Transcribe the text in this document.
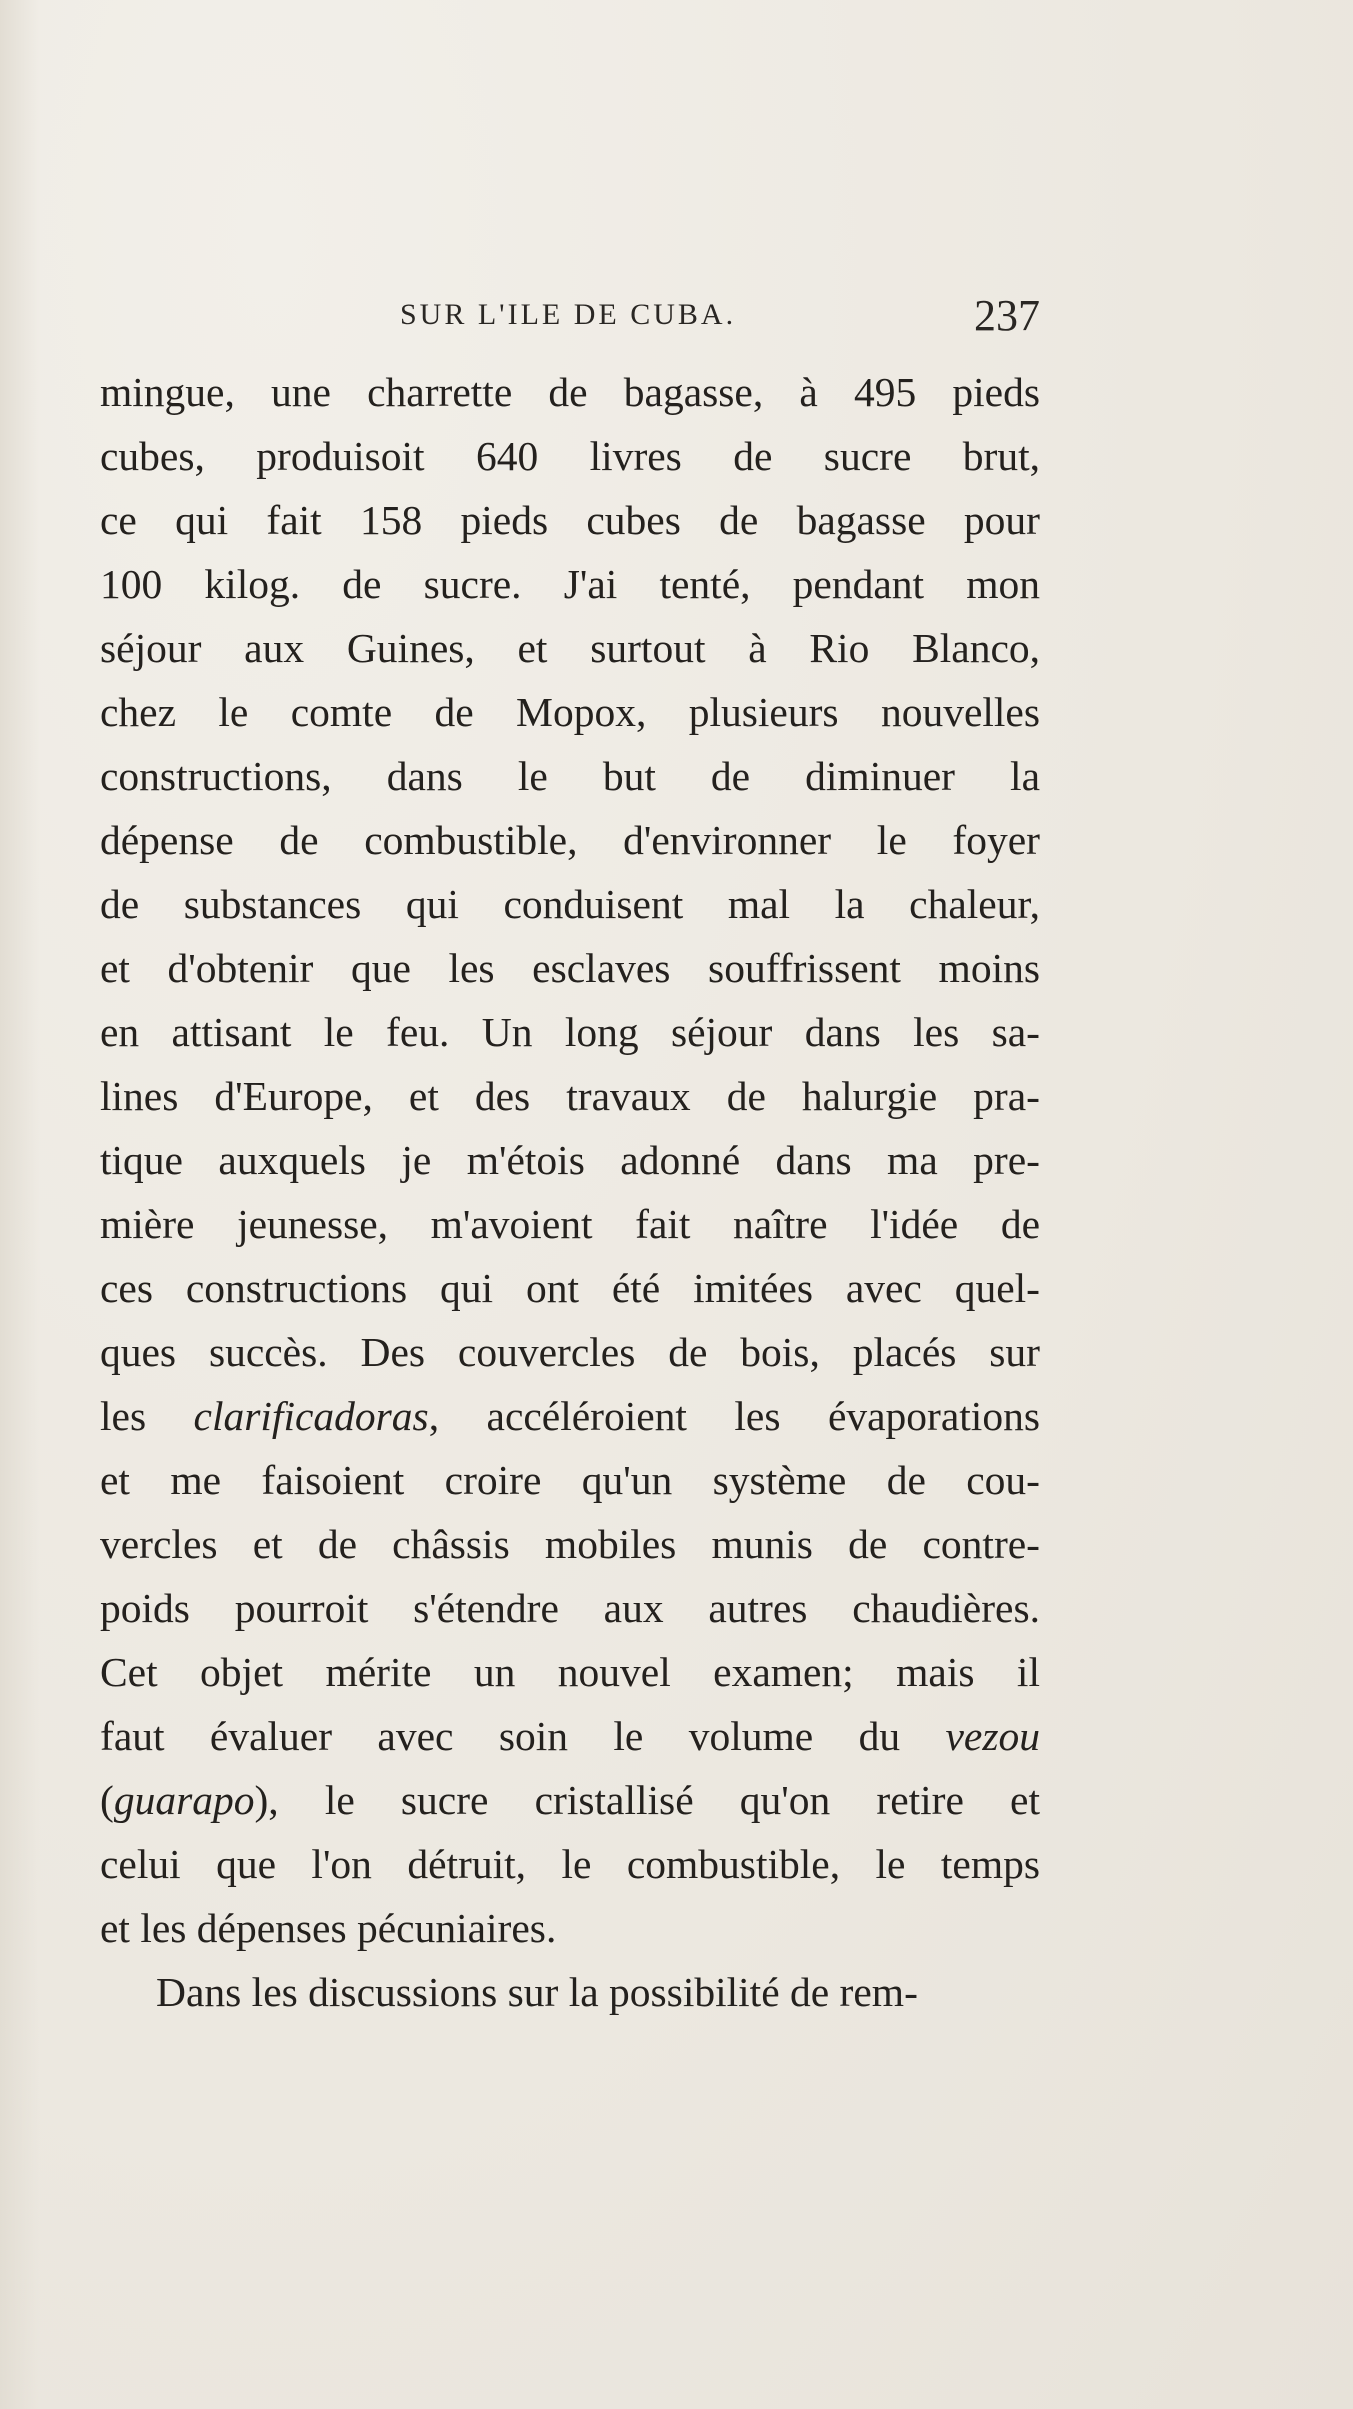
SUR L'ILE DE CUBA.	237
mingue, une charrette de bagasse, à 495 pieds
cubes, produisoit 640 livres de sucre brut,
ce qui fait 158 pieds cubes de bagasse pour
100 kilog. de sucre. J'ai tenté, pendant mon
séjour aux Guines, et surtout à Rio Blanco,
chez le comte de Mopox, plusieurs nouvelles
constructions, dans le but de diminuer la
dépense de combustible, d'environner le foyer
de substances qui conduisent mal la chaleur,
et d'obtenir que les esclaves souffrissent moins
en attisant le feu. Un long séjour dans les sa-
lines d'Europe, et des travaux de halurgie pra-
tique auxquels je m'étois adonné dans ma pre-
mière jeunesse, m'avoient fait naître l'idée de
ces constructions qui ont été imitées avec quel-
ques succès. Des couvercles de bois, placés sur
les clarificadoras, accéléroient les évaporations
et me faisoient croire qu'un système de cou-
vercles et de châssis mobiles munis de contre-
poids pourroit s'étendre aux autres chaudières.
Cet objet mérite un nouvel examen; mais il
faut évaluer avec soin le volume du vezou
(guarapo), le sucre cristallisé qu'on retire et
celui que l'on détruit, le combustible, le temps
et les dépenses pécuniaires.
Dans les discussions sur la possibilité de rem-
